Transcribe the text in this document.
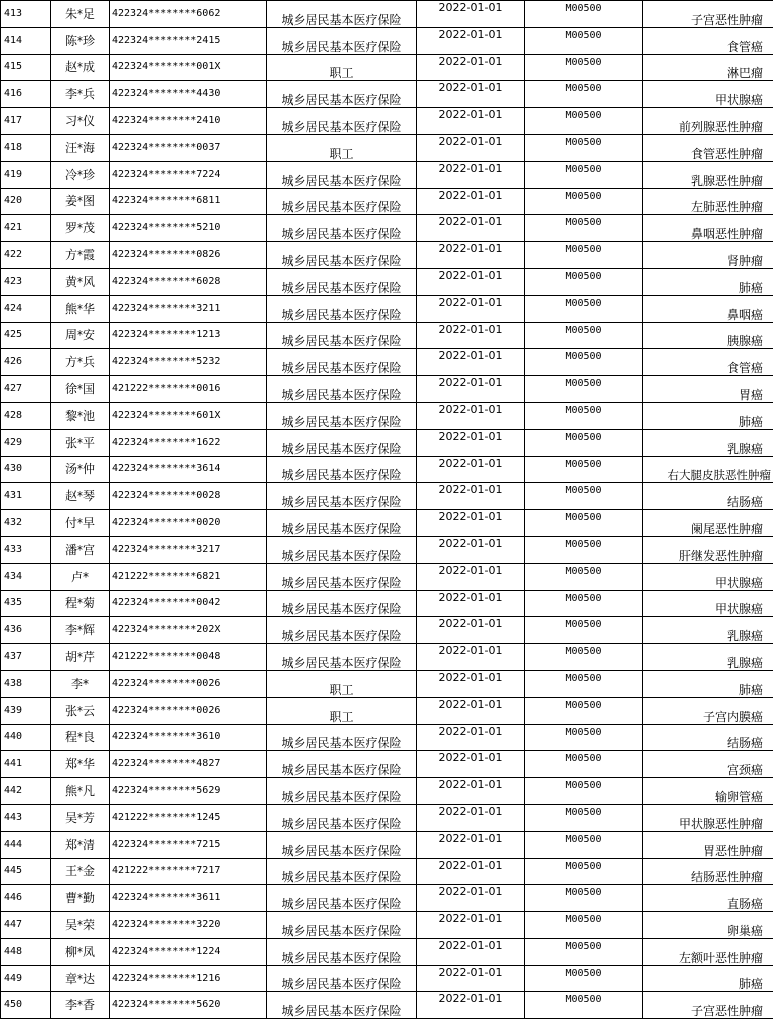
413	朱*足	422324********6062	城乡居民基本医疗保险	2022-01-01	M00500	子宫恶性肿瘤
414	陈*珍	422324********2415	城乡居民基本医疗保险	2022-01-01	M00500	食管癌
415	赵*成	422324********001X	职工	2022-01-01	M00500	淋巴瘤
416	李*兵	422324********4430	城乡居民基本医疗保险	2022-01-01	M00500	甲状腺癌
417	习*仪	422324********2410	城乡居民基本医疗保险	2022-01-01	M00500	前列腺恶性肿瘤
418	汪*海	422324********0037	职工	2022-01-01	M00500	食管恶性肿瘤
419	冷*珍	422324********7224	城乡居民基本医疗保险	2022-01-01	M00500	乳腺恶性肿瘤
420	姜*图	422324********6811	城乡居民基本医疗保险	2022-01-01	M00500	左肺恶性肿瘤
421	罗*茂	422324********5210	城乡居民基本医疗保险	2022-01-01	M00500	鼻咽恶性肿瘤
422	方*霞	422324********0826	城乡居民基本医疗保险	2022-01-01	M00500	肾肿瘤
423	黄*风	422324********6028	城乡居民基本医疗保险	2022-01-01	M00500	肺癌
424	熊*华	422324********3211	城乡居民基本医疗保险	2022-01-01	M00500	鼻咽癌
425	周*安	422324********1213	城乡居民基本医疗保险	2022-01-01	M00500	胰腺癌
426	方*兵	422324********5232	城乡居民基本医疗保险	2022-01-01	M00500	食管癌
427	徐*国	421222********0016	城乡居民基本医疗保险	2022-01-01	M00500	胃癌
428	黎*池	422324********601X	城乡居民基本医疗保险	2022-01-01	M00500	肺癌
429	张*平	422324********1622	城乡居民基本医疗保险	2022-01-01	M00500	乳腺癌
430	汤*仲	422324********3614	城乡居民基本医疗保险	2022-01-01	M00500	右大腿皮肤恶性肿瘤
431	赵*琴	422324********0028	城乡居民基本医疗保险	2022-01-01	M00500	结肠癌
432	付*早	422324********0020	城乡居民基本医疗保险	2022-01-01	M00500	阑尾恶性肿瘤
433	潘*宫	422324********3217	城乡居民基本医疗保险	2022-01-01	M00500	肝继发恶性肿瘤
434	卢*	421222********6821	城乡居民基本医疗保险	2022-01-01	M00500	甲状腺癌
435	程*菊	422324********0042	城乡居民基本医疗保险	2022-01-01	M00500	甲状腺癌
436	李*辉	422324********202X	城乡居民基本医疗保险	2022-01-01	M00500	乳腺癌
437	胡*芹	421222********0048	城乡居民基本医疗保险	2022-01-01	M00500	乳腺癌
438	李*	422324********0026	职工	2022-01-01	M00500	肺癌
439	张*云	422324********0026	职工	2022-01-01	M00500	子宫内膜癌
440	程*良	422324********3610	城乡居民基本医疗保险	2022-01-01	M00500	结肠癌
441	郑*华	422324********4827	城乡居民基本医疗保险	2022-01-01	M00500	宫颈癌
442	熊*凡	422324********5629	城乡居民基本医疗保险	2022-01-01	M00500	输卵管癌
443	吴*芳	421222********1245	城乡居民基本医疗保险	2022-01-01	M00500	甲状腺恶性肿瘤
444	郑*清	422324********7215	城乡居民基本医疗保险	2022-01-01	M00500	胃恶性肿瘤
445	王*金	421222********7217	城乡居民基本医疗保险	2022-01-01	M00500	结肠恶性肿瘤
446	曹*勤	422324********3611	城乡居民基本医疗保险	2022-01-01	M00500	直肠癌
447	吴*荣	422324********3220	城乡居民基本医疗保险	2022-01-01	M00500	卵巢癌
448	柳*凤	422324********1224	城乡居民基本医疗保险	2022-01-01	M00500	左额叶恶性肿瘤
449	章*达	422324********1216	城乡居民基本医疗保险	2022-01-01	M00500	肺癌
450	李*香	422324********5620	城乡居民基本医疗保险	2022-01-01	M00500	子宫恶性肿瘤
